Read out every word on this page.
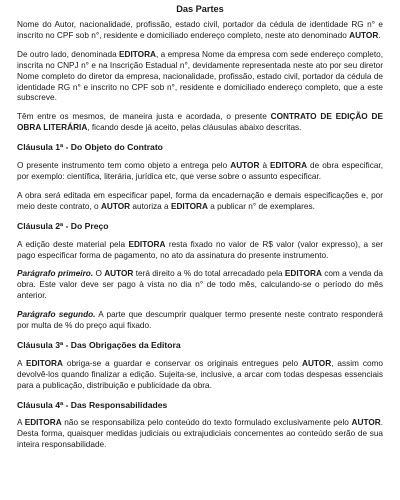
Das Partes

Nome do Autor, nacionalidade, profissão, estado civil, portador da cédula de identidade RG n° e inscrito no CPF sob n°, residente e domiciliado endereço completo, neste ato denominado AUTOR.

De outro lado, denominada EDITORA, a empresa Nome da empresa com sede endereço completo, inscrita no CNPJ n° e na Inscrição Estadual n°, devidamente representada neste ato por seu diretor Nome completo do diretor da empresa, nacionalidade, profissão, estado civil, portador da cédula de identidade RG n° e inscrito no CPF sob n°, residente e domiciliado endereço completo, que a este subscreve.

Têm entre os mesmos, de maneira justa e acordada, o presente CONTRATO DE EDIÇÃO DE OBRA LITERÁRIA, ficando desde já aceito, pelas cláusulas abaixo descritas.

Cláusula 1ª - Do Objeto do Contrato

O presente instrumento tem como objeto a entrega pelo AUTOR à EDITORA de obra especificar, por exemplo: científica, literária, jurídica etc, que verse sobre o assunto especificar.

A obra será editada em especificar papel, forma da encadernação e demais especificações e, por meio deste contrato, o AUTOR autoriza a EDITORA a publicar n° de exemplares.

Cláusula 2ª - Do Preço

A edição deste material pela EDITORA resta fixado no valor de R$ valor (valor expresso), a ser pago especificar forma de pagamento, no ato da assinatura do presente instrumento.

Parágrafo primeiro. O AUTOR terá direito a % do total arrecadado pela EDITORA com a venda da obra. Este valor deve ser pago à vista no dia n° de todo mês, calculando-se o período do mês anterior.

Parágrafo segundo. A parte que descumprir qualquer termo presente neste contrato responderá por multa de % do preço aqui fixado.

Cláusula 3ª - Das Obrigações da Editora

A EDITORA obriga-se a guardar e conservar os originais entregues pelo AUTOR, assim como devolvê-los quando finalizar a edição. Sujeita-se, inclusive, a arcar com todas despesas essenciais para a publicação, distribuição e publicidade da obra.

Cláusula 4ª - Das Responsabilidades

A EDITORA não se responsabiliza pelo conteúdo do texto formulado exclusivamente pelo AUTOR. Desta forma, quaisquer medidas judiciais ou extrajudiciais concernentes ao conteúdo serão de sua inteira responsabilidade.
